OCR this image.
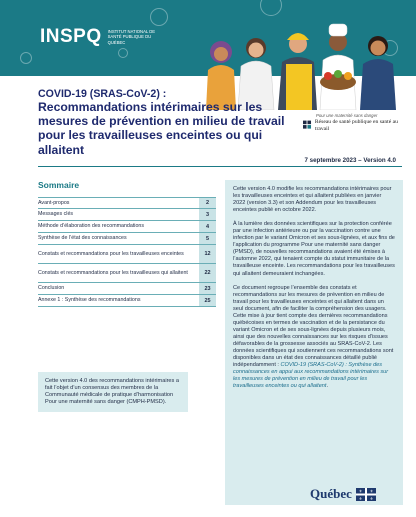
INSPQ INSTITUT NATIONAL DE SANTÉ PUBLIQUE DU QUÉBEC
Pour une maternité sans danger
Réseau de santé publique en santé au travail
COVID-19 (SRAS-CoV-2) :
Recommandations intérimaires sur les mesures de prévention en milieu de travail pour les travailleuses enceintes ou qui allaitent
7 septembre 2023 – Version 4.0
Sommaire
Avant-propos	2
Messages clés	3
Méthode d’élaboration des recommandations	4
Synthèse de l’état des connaissances	5
Constats et recommandations pour les travailleuses enceintes	12
Constats et recommandations pour les travailleuses qui allaitent	22
Conclusion	23
Annexe 1 : Synthèse des recommandations	25
Cette version 4.0 des recommandations intérimaires a fait l’objet d’un consensus des membres de la Communauté médicale de pratique d’harmonisation Pour une maternité sans danger (CMPH-PMSD).

Cette version 4.0 modifie les recommandations intérimaires pour les travailleuses enceintes et qui allaitent publiées en janvier 2022 (version 3.3) et son Addendum pour les travailleuses enceintes publié en octobre 2022.

À la lumière des données scientifiques sur la protection conférée par une infection antérieure ou par la vaccination contre une infection par le variant Omicron et ses sous-lignées, et aux fins de l’application du programme Pour une maternité sans danger (PMSD), de nouvelles recommandations avaient été émises à l’automne 2022, qui tenaient compte du statut immunitaire de la travailleuse enceinte. Les recommandations pour les travailleuses qui allaitent demeuraient inchangées.

Ce document regroupe l’ensemble des constats et recommandations sur les mesures de prévention en milieu de travail pour les travailleuses enceintes et qui allaitent dans un seul document, afin de faciliter la compréhension des usagers. Cette mise à jour tient compte des dernières recommandations québécoises en termes de vaccination et de la persistance du variant Omicron et de ses sous-lignées depuis plusieurs mois, ainsi que des nouvelles connaissances sur les risques d’issues défavorables de la grossesse associés au SRAS-CoV-2. Les données scientifiques qui soutiennent ces recommandations sont disponibles dans un état des connaissances détaillé publié indépendamment : COVID-19 (SRAS-CoV-2) : Synthèse des connaissances en appui aux recommandations intérimaires sur les mesures de prévention en milieu de travail pour les travailleuses enceintes ou qui allaitent.

Québec ⚜ ⚜
⚜ ⚜
